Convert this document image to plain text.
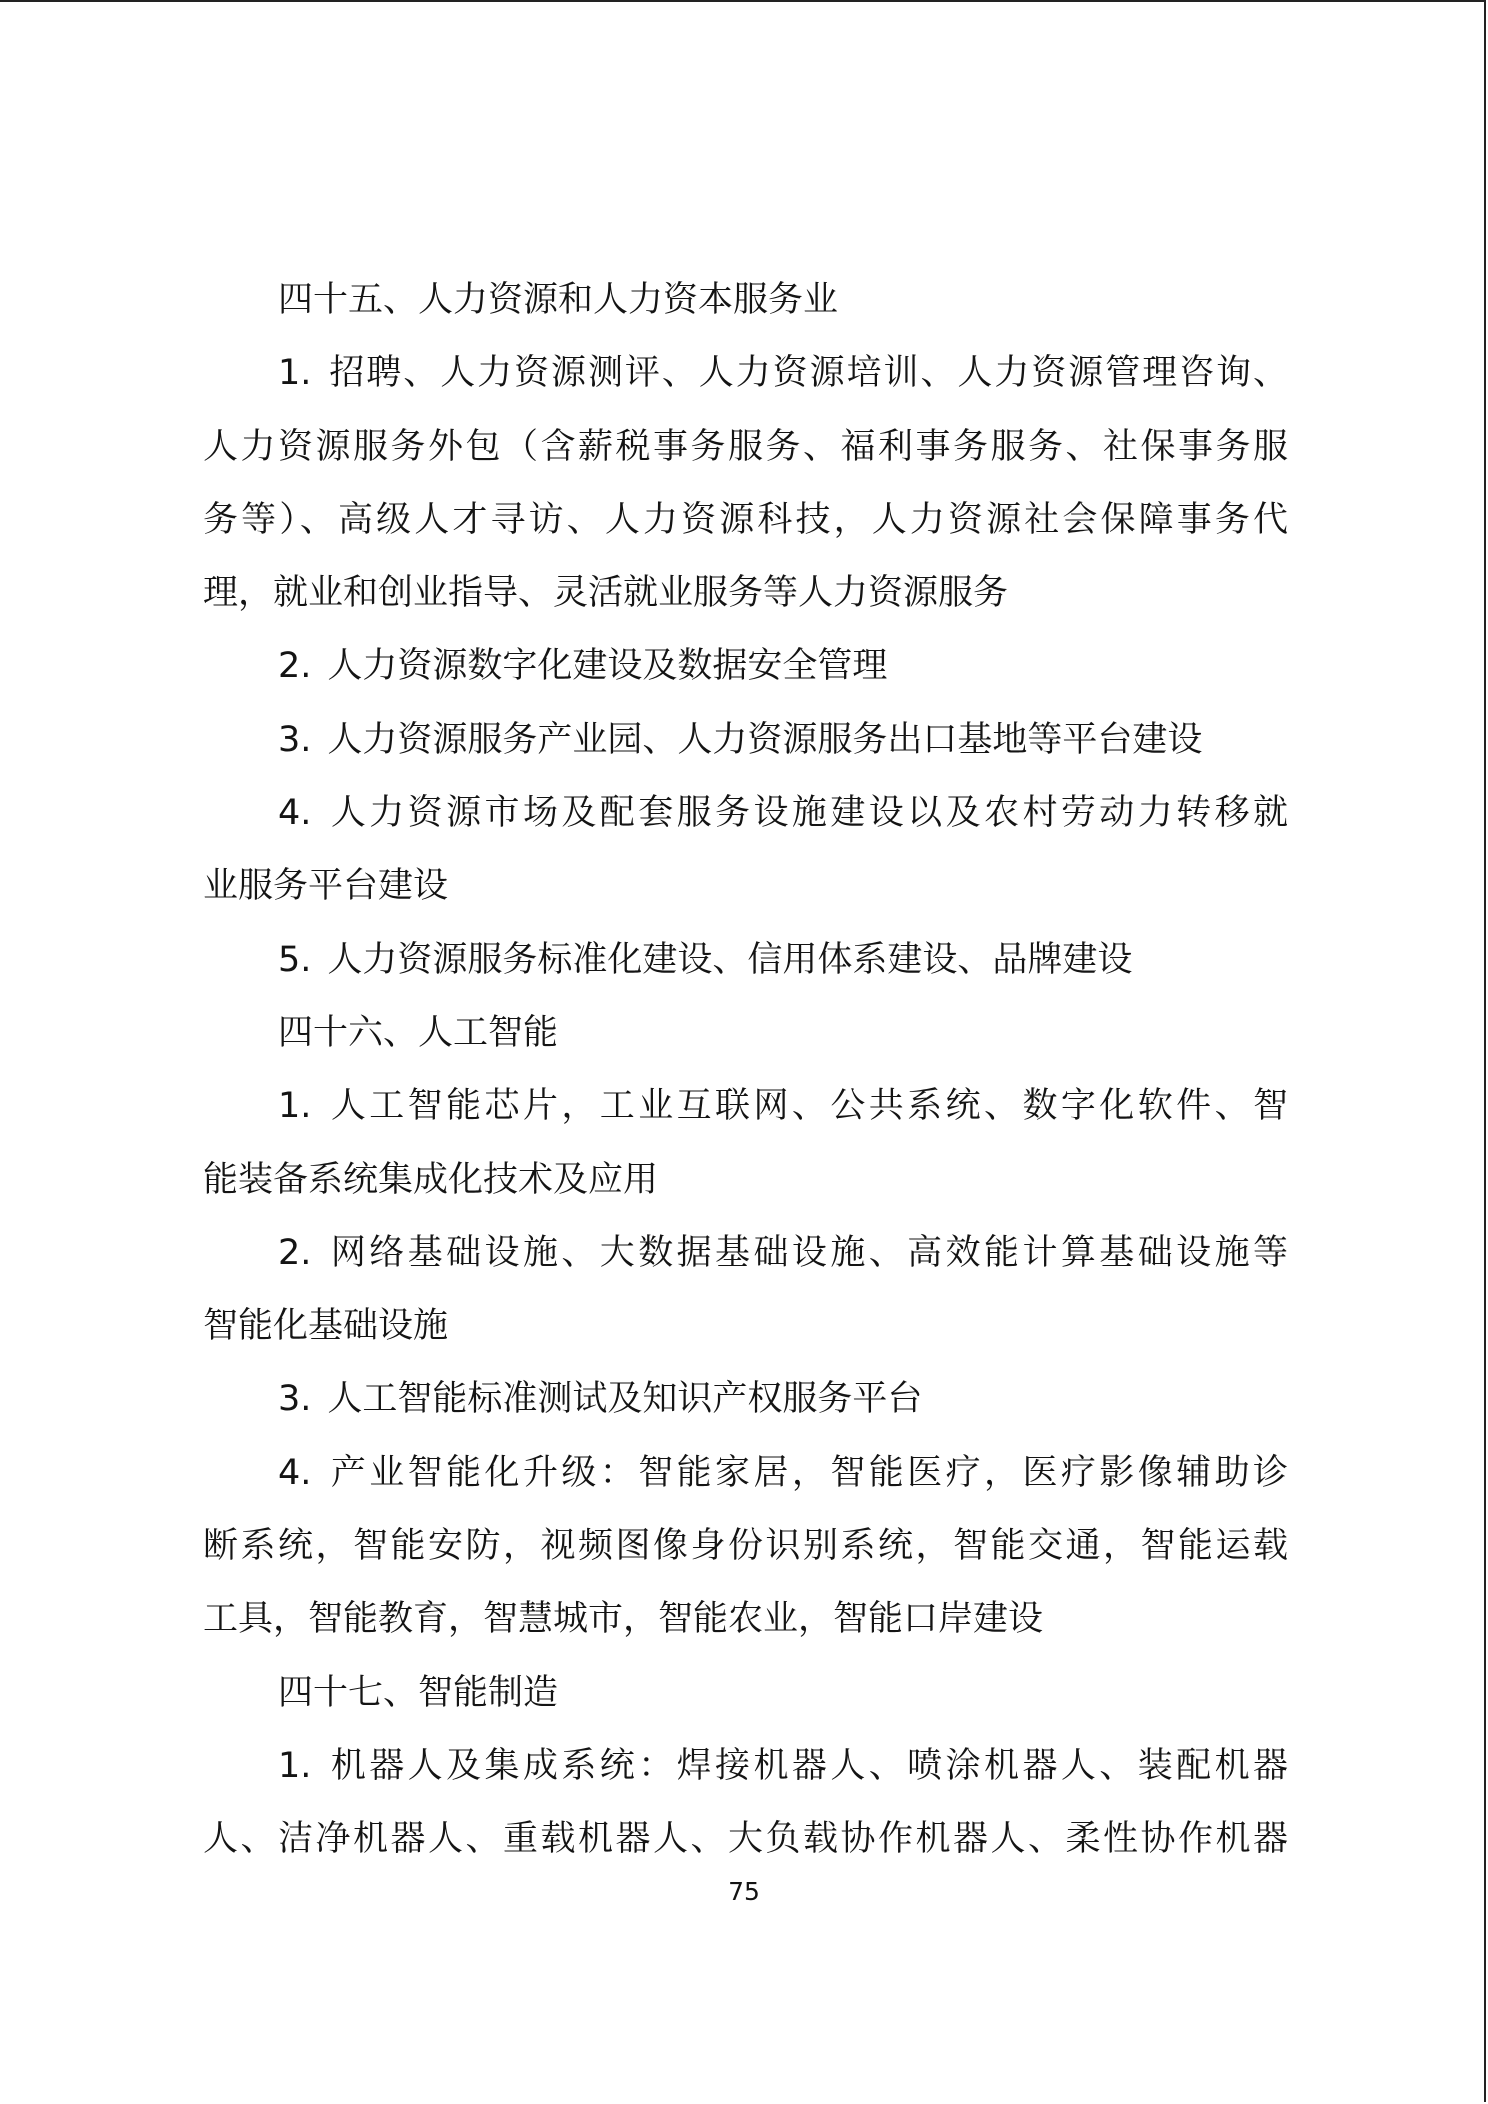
四十五、人力资源和人力资本服务业
1. 招聘、人力资源测评、人力资源培训、人力资源管理咨询、
人力资源服务外包（含薪税事务服务、福利事务服务、社保事务服
务等）、高级人才寻访、人力资源科技，人力资源社会保障事务代
理，就业和创业指导、灵活就业服务等人力资源服务
2. 人力资源数字化建设及数据安全管理
3. 人力资源服务产业园、人力资源服务出口基地等平台建设
4. 人力资源市场及配套服务设施建设以及农村劳动力转移就
业服务平台建设
5. 人力资源服务标准化建设、信用体系建设、品牌建设
四十六、人工智能
1. 人工智能芯片，工业互联网、公共系统、数字化软件、智
能装备系统集成化技术及应用
2. 网络基础设施、大数据基础设施、高效能计算基础设施等
智能化基础设施
3. 人工智能标准测试及知识产权服务平台
4. 产业智能化升级：智能家居，智能医疗，医疗影像辅助诊
断系统，智能安防，视频图像身份识别系统，智能交通，智能运载
工具，智能教育，智慧城市，智能农业，智能口岸建设
四十七、智能制造
1. 机器人及集成系统：焊接机器人、喷涂机器人、装配机器
人、洁净机器人、重载机器人、大负载协作机器人、柔性协作机器
75
